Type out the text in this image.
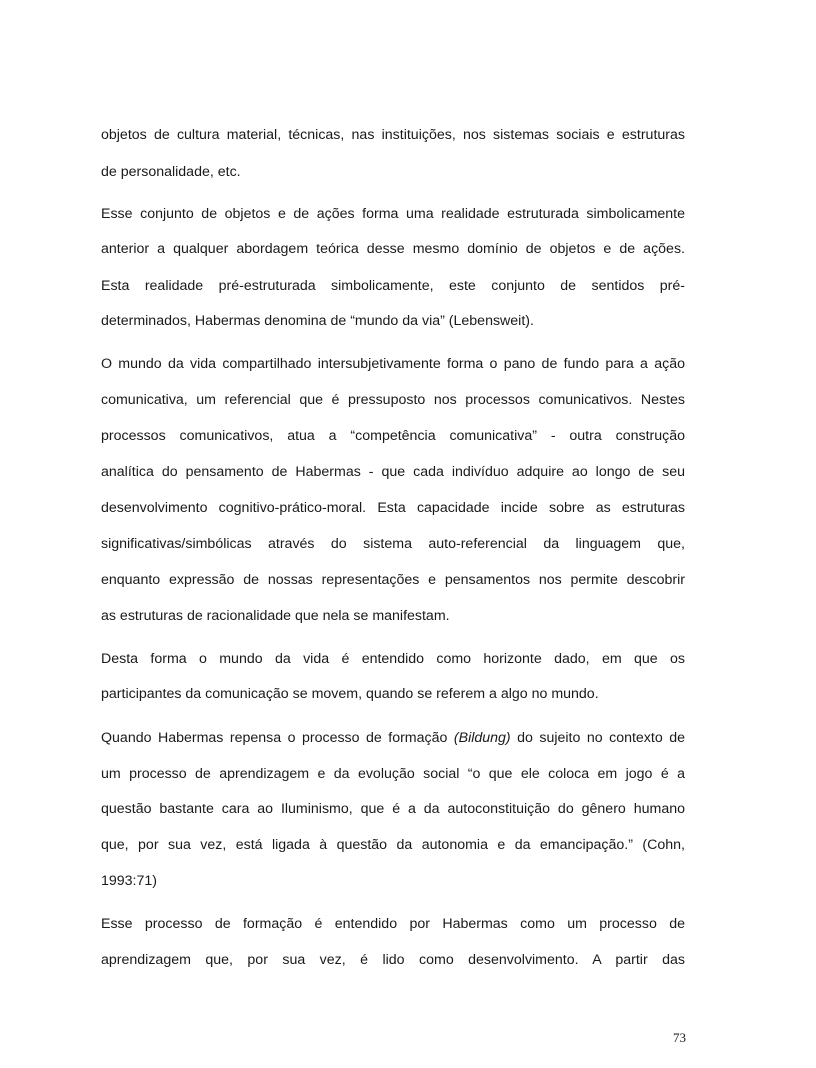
objetos de cultura material, técnicas, nas instituições, nos sistemas sociais e estruturas
de personalidade, etc.
Esse conjunto de objetos e de ações forma uma realidade estruturada simbolicamente
anterior a qualquer abordagem teórica desse mesmo domínio de objetos e de ações.
Esta realidade pré-estruturada simbolicamente, este conjunto de sentidos pré-
determinados, Habermas denomina de “mundo da via” (Lebensweit).
O mundo da vida compartilhado intersubjetivamente forma o pano de fundo para a ação
comunicativa, um referencial que é pressuposto nos processos comunicativos. Nestes
processos comunicativos, atua a “competência comunicativa” - outra construção
analítica do pensamento de Habermas - que cada indivíduo adquire ao longo de seu
desenvolvimento cognitivo-prático-moral. Esta capacidade incide sobre as estruturas
significativas/simbólicas através do sistema auto-referencial da linguagem que,
enquanto expressão de nossas representações e pensamentos nos permite descobrir
as estruturas de racionalidade que nela se manifestam.
Desta forma o mundo da vida é entendido como horizonte dado, em que os
participantes da comunicação se movem, quando se referem a algo no mundo.
Quando Habermas repensa o processo de formação (Bildung) do sujeito no contexto de
um processo de aprendizagem e da evolução social “o que ele coloca em jogo é a
questão bastante cara ao Iluminismo, que é a da autoconstituição do gênero humano
que, por sua vez, está ligada à questão da autonomia e da emancipação.” (Cohn,
1993:71)
Esse processo de formação é entendido por Habermas como um processo de
aprendizagem que, por sua vez, é lido como desenvolvimento. A partir das
73
